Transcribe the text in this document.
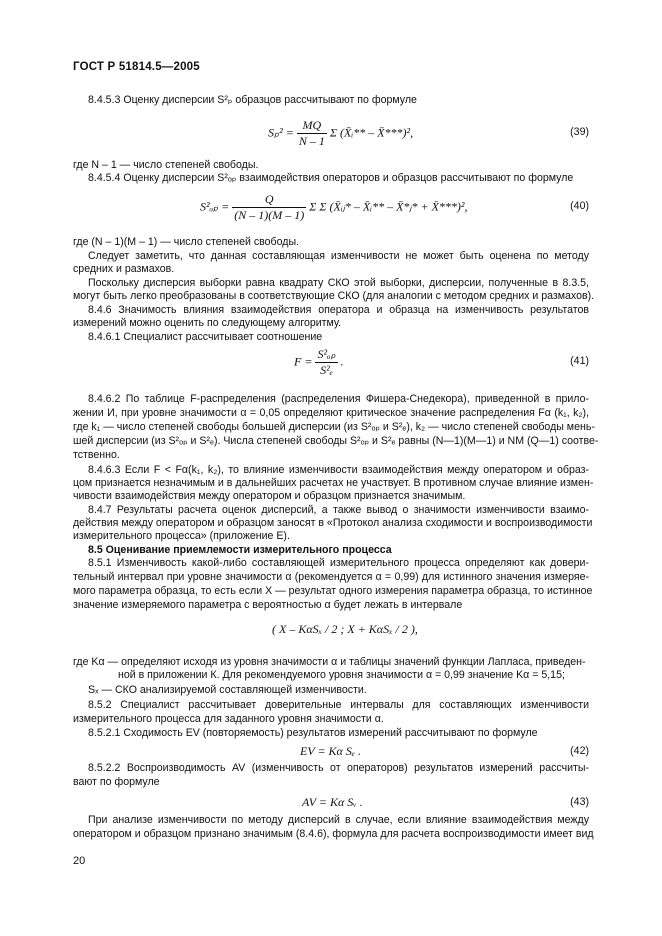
ГОСТ Р 51814.5—2005
8.4.5.3 Оценку дисперсии S²ₚ образцов рассчитывают по формуле
$S_p^2 = \frac{MQ}{N - 1}$ Σ (X̄ᵢ** – X̄***)²,	(39)
где N – 1 — число степеней свободы.
8.4.5.4 Оценку дисперсии S²ₒₚ взаимодействия операторов и образцов рассчитывают по формуле
$S^2_{op} = \frac{Q}{(N - 1)(M - 1)}$ Σ Σ (X̄ᵢⱼ* – X̄ᵢ** – X̄*ⱼ* + X̄***)²,	(40)
где (N – 1)(M – 1) — число степеней свободы.
Следует заметить, что данная составляющая изменчивости не может быть оценена по методу
средних и размахов.
Поскольку дисперсия выборки равна квадрату СКО этой выборки, дисперсии, полученные в 8.3.5,
могут быть легко преобразованы в соответствующие СКО (для аналогии с методом средних и размахов).
8.4.6 Значимость влияния взаимодействия оператора и образца на изменчивость результатов
измерений можно оценить по следующему алгоритму.
8.4.6.1 Специалист рассчитывает соотношение
$F = \frac{\text{S²ₒₚ}}{\text{S²ₑ}}$ .	(41)
8.4.6.2 По таблице F-распределения (распределения Фишера-Снедекора), приведенной в прило-
жении И, при уровне значимости α = 0,05 определяют критическое значение распределения Fα (k₁, k₂),
где k₁ — число степеней свободы большей дисперсии (из S²ₒₚ и S²ₑ), k₂ — число степеней свободы мень-
шей дисперсии (из S²ₒₚ и S²ₑ). Числа степеней свободы S²ₒₚ и S²ₑ равны (N—1)(M—1) и NM (Q—1) соотве-
тственно.
8.4.6.3 Если F < Fα(k₁, k₂), то влияние изменчивости взаимодействия между оператором и образ-
цом признается незначимым и в дальнейших расчетах не участвует. В противном случае влияние измен-
чивости взаимодействия между оператором и образцом признается значимым.
8.4.7 Результаты расчета оценок дисперсий, а также вывод о значимости изменчивости взаимо-
действия между оператором и образцом заносят в «Протокол анализа сходимости и воспроизводимости
измерительного процесса» (приложение Е).
8.5 Оценивание приемлемости измерительного процесса
8.5.1 Изменчивость какой-либо составляющей измерительного процесса определяют как довери-
тельный интервал при уровне значимости α (рекомендуется α = 0,99) для истинного значения измеряе-
мого параметра образца, то есть если X — результат одного измерения параметра образца, то истинное
значение измеряемого параметра с вероятностью α будет лежать в интервале
( X – KαSₓ / 2 ; X + KαSₓ / 2 ),
где Kα — определяют исходя из уровня значимости α и таблицы значений функции Лапласа, приведен-
ной в приложении К. Для рекомендуемого уровня значимости α = 0,99 значение Kα = 5,15;
Sₓ — СКО анализируемой составляющей изменчивости.
8.5.2 Специалист рассчитывает доверительные интервалы для составляющих изменчивости
измерительного процесса для заданного уровня значимости α.
8.5.2.1 Сходимость EV (повторяемость) результатов измерений рассчитывают по формуле
EV = Kα Sₑ .	(42)
8.5.2.2 Воспроизводимость AV (изменчивость от операторов) результатов измерений рассчиты-
вают по формуле
AV = Kα Sᵥ .	(43)
При анализе изменчивости по методу дисперсий в случае, если влияние взаимодействия между
оператором и образцом признано значимым (8.4.6), формула для расчета воспроизводимости имеет вид
20
